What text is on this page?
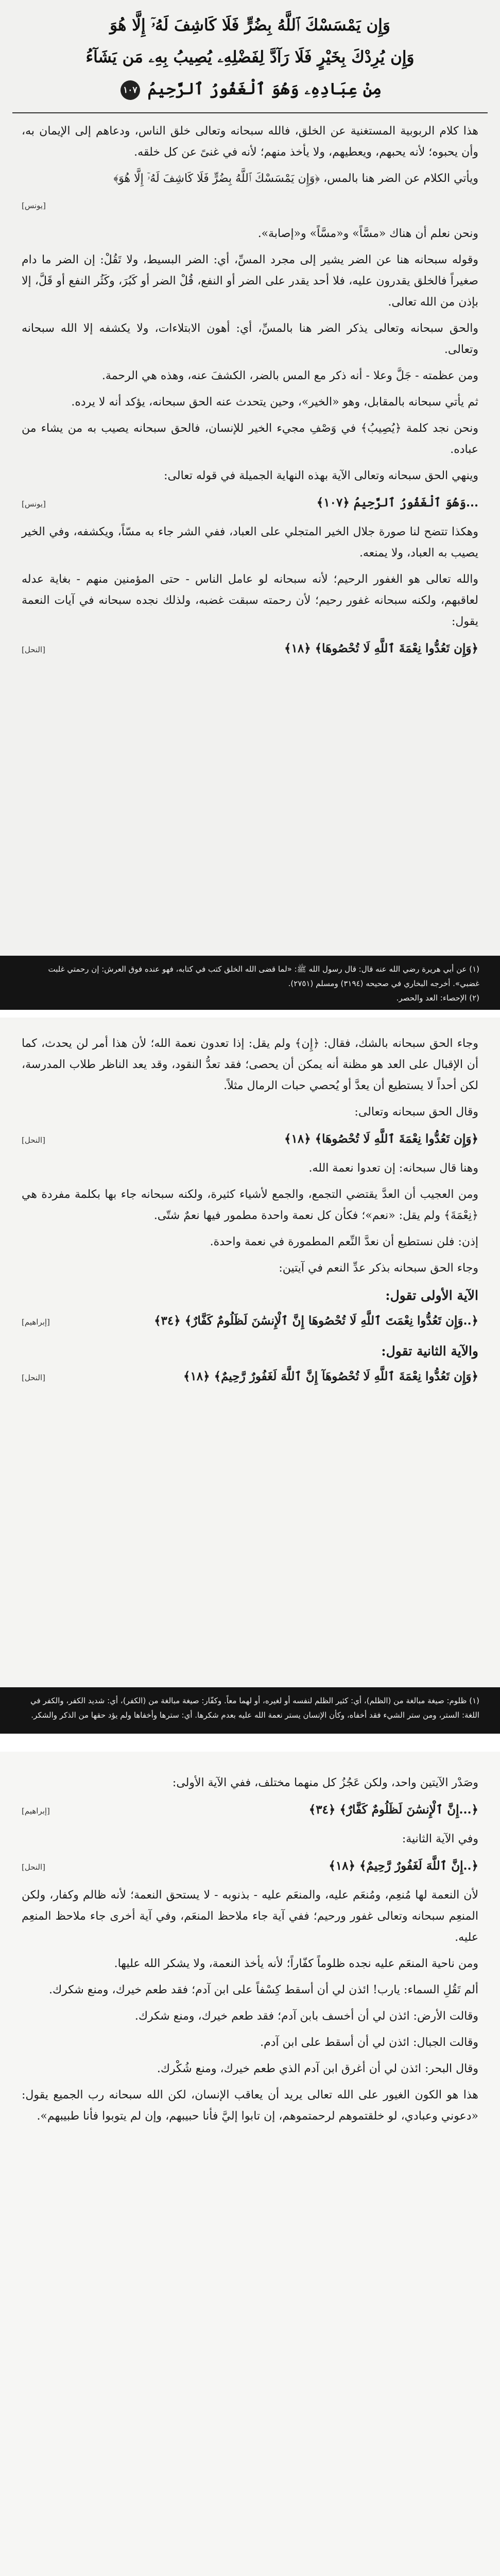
وَإِن يَمْسَسْكَ ٱللَّهُ بِضُرٍّ فَلَا كَاشِفَ لَهُۥٓ إِلَّا هُوَ
وَإِن يُرِدْكَ بِخَيْرٍ فَلَا رَآدَّ لِفَضْلِهِۦ يُصِيبُ بِهِۦ مَن يَشَآءُ
مِنْ عِبَادِهِۦ وَهُوَ ٱلْغَفُورُ ٱلرَّحِيمُ ١٠٧

هذا كلام الربوبية المستغنية عن الخلق، فالله سبحانه وتعالى خلق الناس، ودعاهم إلى الإيمان به، وأن يحبوه؛ لأنه يحبهم، ويعطيهم، ولا يأخذ منهم؛ لأنه في غنىً عن كل خلقه.

ويأتي الكلام عن الضر هنا بالمس، ﴿وَإِن يَمْسَسْكَ ٱللَّهُ بِضُرٍّ فَلَا كَاشِفَ لَهُۥٓ إِلَّا هُوَ﴾

[يونس]

ونحن نعلم أن هناك «مسَّاً» و«مسَّاً» و«إصابة».

وقوله سبحانه هنا عن الضر يشير إلى مجرد المسِّ، أي: الضر البسيط، ولا تَقُلْ: إن الضر ما دام صغيراً فالخلق يقدرون عليه، فلا أحد يقدر على الضر أو النفع، قُلْ الضر أو كَبُرَ، وكَثُر النفع أو قَلَّ، إلا بإذن من الله تعالى.

والحق سبحانه وتعالى يذكر الضر هنا بالمسِّ، أي: أهون الابتلاءات، ولا يكشفه إلا الله سبحانه وتعالى.

ومن عظمته - جَلَّ وعلا - أنه ذكر مع المس بالضر، الكشفَ عنه، وهذه هي الرحمة.

ثم يأتي سبحانه بالمقابل، وهو «الخير»، وحين يتحدث عنه الحق سبحانه، يؤكد أنه لا يرده.

ونحن نجد كلمة ﴿يُصِيبُ﴾ في وَصْفِ مجيء الخير للإنسان، فالحق سبحانه يصيب به من يشاء من عباده.

وينهي الحق سبحانه وتعالى الآية بهذه النهاية الجميلة في قوله تعالى:

...وَهُوَ ٱلْغَفُورُ ٱلرَّحِيمُ ﴿١٠٧﴾
[يونس]

وهكذا تتضح لنا صورة جلال الخير المتجلي على العباد، ففي الشر جاء به مسّاً، ويكشفه، وفي الخير يصيب به العباد، ولا يمنعه.

والله تعالى هو الغفور الرحيم؛ لأنه سبحانه لو عامل الناس - حتى المؤمنين منهم - بغاية عدله لعاقبهم، ولكنه سبحانه غفور رحيم؛ لأن رحمته سبقت غضبه، ولذلك نجده سبحانه في آيات النعمة يقول:

﴿وَإِن تَعُدُّوا نِعْمَةَ ٱللَّهِ لَا تُحْصُوهَا﴾ ﴿١٨﴾
[النحل]

(١) عن أبي هريرة رضي الله عنه قال: قال رسول الله ﷺ: «لما قضى الله الخلق كتب في كتابه، فهو عنده فوق العرش: إن رحمتي غلبت غضبي». أخرجه البخاري في صحيحه (٣١٩٤) ومسلم (٢٧٥١).

(٢) الإحصاء: العد والحصر.

وجاء الحق سبحانه بالشك، فقال: ﴿إِن﴾ ولم يقل: إذا تعدون نعمة الله؛ لأن هذا أمر لن يحدث، كما أن الإقبال على العد هو مظنة أنه يمكن أن يحصى؛ فقد تعدُّ النقود، وقد يعد الناظر طلاب المدرسة، لكن أحداً لا يستطيع أن يعدَّ أو يُحصي حبات الرمال مثلاً.

وقال الحق سبحانه وتعالى:

﴿وَإِن تَعُدُّوا نِعْمَةَ ٱللَّهِ لَا تُحْصُوهَا﴾ ﴿١٨﴾
[النحل]

وهنا قال سبحانه: إن تعدوا نعمة الله.

ومن العجيب أن العدَّ يقتضي التجمع، والجمع لأشياء كثيرة، ولكنه سبحانه جاء بها بكلمة مفردة هي ﴿نِعْمَةَ﴾ ولم يقل: «نعم»؛ فكأن كل نعمة واحدة مطمور فيها نعمٌ شتّى.

إذن: فلن نستطيع أن نعدَّ النِّعم المطمورة في نعمة واحدة.

وجاء الحق سبحانه بذكر عدِّ النعم في آيتين:

الآية الأولى تقول:
﴿..وَإِن تَعُدُّوا نِعْمَتَ ٱللَّهِ لَا تُحْصُوهَا إِنَّ ٱلْإِنسَٰنَ لَظَلُومٌ كَفَّارٌ﴾ ﴿٣٤﴾
[إبراهيم]
والآية الثانية تقول:
﴿وَإِن تَعُدُّوا نِعْمَةَ ٱللَّهِ لَا تُحْصُوهَآ إِنَّ ٱللَّهَ لَغَفُورٌ رَّحِيمٌ﴾ ﴿١٨﴾
[النحل]

(١) ظلوم: صيغة مبالغة من (الظلم)، أي: كثير الظلم لنفسه أو لغيره، أو لهما معاً. وكفّار: صيغة مبالغة من (الكفر)، أي: شديد الكفر، والكفر في اللغة: الستر، ومن ستر الشيء فقد أخفاه، وكأن الإنسان يستر نعمة الله عليه بعدم شكرها. أي: سترها وأخفاها ولم يؤد حقها من الذكر والشكر.

وصَدْر الآيتين واحد، ولكن عَجُزُ كل منهما مختلف، ففي الآية الأولى:

﴿...إِنَّ ٱلْإِنسَٰنَ لَظَلُومٌ كَفَّارٌ﴾ ﴿٣٤﴾
[إبراهيم]

وفي الآية الثانية:

﴿..إِنَّ ٱللَّهَ لَغَفُورٌ رَّحِيمٌ﴾ ﴿١٨﴾
[النحل]

لأن النعمة لها مُنعِم، ومُنعَم عليه، والمنعَم عليه - بذنوبه - لا يستحق النعمة؛ لأنه ظالم وكفار، ولكن المنعِم سبحانه وتعالى غفور ورحيم؛ ففي آية جاء ملاحظ المنعَم، وفي آية أخرى جاء ملاحظ المنعِم عليه.

ومن ناحية المنعَم عليه نجده ظلوماً كفّاراً؛ لأنه يأخذ النعمة، ولا يشكر الله عليها.

ألم تَقُلِ السماء: يارب! ائذن لي أن أسقط كِسْفاً على ابن آدم؛ فقد طعم خيرك، ومنع شكرك.

وقالت الأرض: ائذن لي أن أخسف بابن آدم؛ فقد طعم خيرك، ومنع شكرك.

وقالت الجبال: ائذن لي أن أسقط على ابن آدم.

وقال البحر: ائذن لي أن أغرق ابن آدم الذي طعم خيرك، ومنع شُكْرك.

هذا هو الكون الغيور على الله تعالى يريد أن يعاقب الإنسان، لكن الله سبحانه رب الجميع يقول: «دعوني وعبادي، لو خلقتموهم لرحمتموهم، إن تابوا إليَّ فأنا حبيبهم، وإن لم يتوبوا فأنا طبيبهم».
